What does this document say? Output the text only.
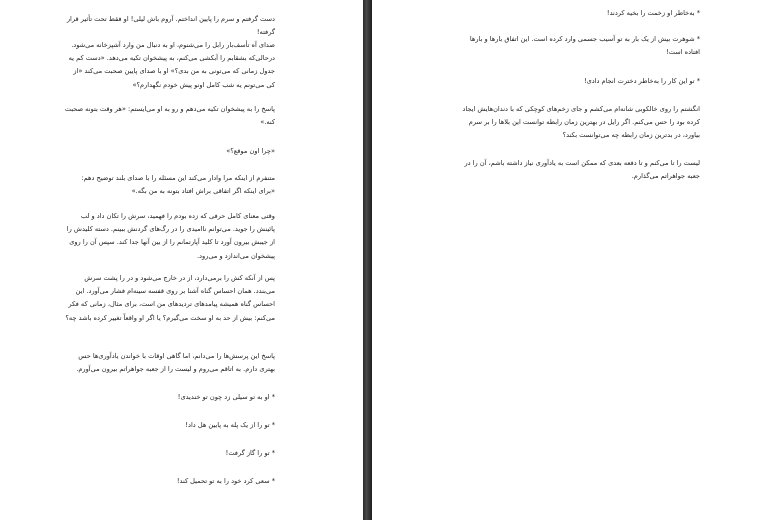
دست گرفتم و سرم را پایین انداختم. آروم باش لیلی! او فقط تحت تأثیر قرار گرفته!

صدای آه تأسف‌بار رابل را می‌شنوم، او به دنبال من وارد آشپزخانه می‌شود. درحالی‌که بشقابم را آبکشی می‌کنم، به پیشخوان تکیه می‌دهد. «دست کم یه جدول زمانی که می‌تونی به من بدی؟» او با صدای پایین صحبت می‌کند «از کی می‌تونم یه شب کامل اونو پیش خودم نگهدارم؟»

پاسخ را به پیشخوان تکیه می‌دهم و رو به او می‌ایستم: «هر وقت بتونه صحبت کنه.»

«چرا اون موقع؟»

متنفرم از اینکه مرا وادار می‌کند این مسئله را با صدای بلند توضیح دهم: «برای اینکه اگر اتفاقی براش افتاد بتونه به من بگه.»

وقتی معنای کامل حرفی که زده بودم را فهمید، سرش را تکان داد و لب پائینش را جوید. می‌توانم ناامیدی را در رگ‌های گردنش ببینم. دسته کلیدش را از جیبش بیرون آورد تا کلید آپارتمانم را از بین آنها جدا کند. سپس آن را روی پیشخوان می‌اندازد و می‌رود.

پس از آنکه کش را برمی‌دارد، از در خارج می‌شود و در را پشت سرش می‌بندد. همان احساس گناه آشنا بر روی قفسه سینه‌ام فشار می‌آورد. این احساس گناه همیشه پیامدهای تردیدهای من است، برای مثال، زمانی که فکر می‌کنم: بیش از حد به او سخت می‌گیرم؟ یا اگر او واقعاً تغییر کرده باشد چه؟

پاسخ این پرسش‌ها را می‌دانم، اما گاهی اوقات با خواندن یادآوری‌ها حس بهتری دارم. به اتاقم می‌روم و لیست را از جعبه جواهراتم بیرون می‌آورم.

* او به تو سیلی زد چون تو خندیدی!

* تو را از یک پله به پایین هل داد!

* تو را گاز گرفت!

* سعی کرد خود را به تو تحمیل کند!

* به‌خاطر او زخمت را بخیه کردند!

* شوهرت بیش از یک بار به تو آسیب جسمی وارد کرده است. این اتفاق بارها و بارها افتاده است!

* تو این کار را به‌خاطر دخترت انجام دادی!

انگشتم را روی خالکوبی شانه‌ام می‌کشم و جای زخم‌های کوچکی که با دندان‌هایش ایجاد کرده بود را حس می‌کنم. اگر رایل در بهترین زمان رابطه توانست این بلاها را بر سرم بیاورد، در بدترین زمان رابطه چه می‌توانست بکند؟

لیست را تا می‌کنم و تا دفعه بعدی که ممکن است به یادآوری نیاز داشته باشم، آن را در جعبه جواهراتم می‌گذارم.
